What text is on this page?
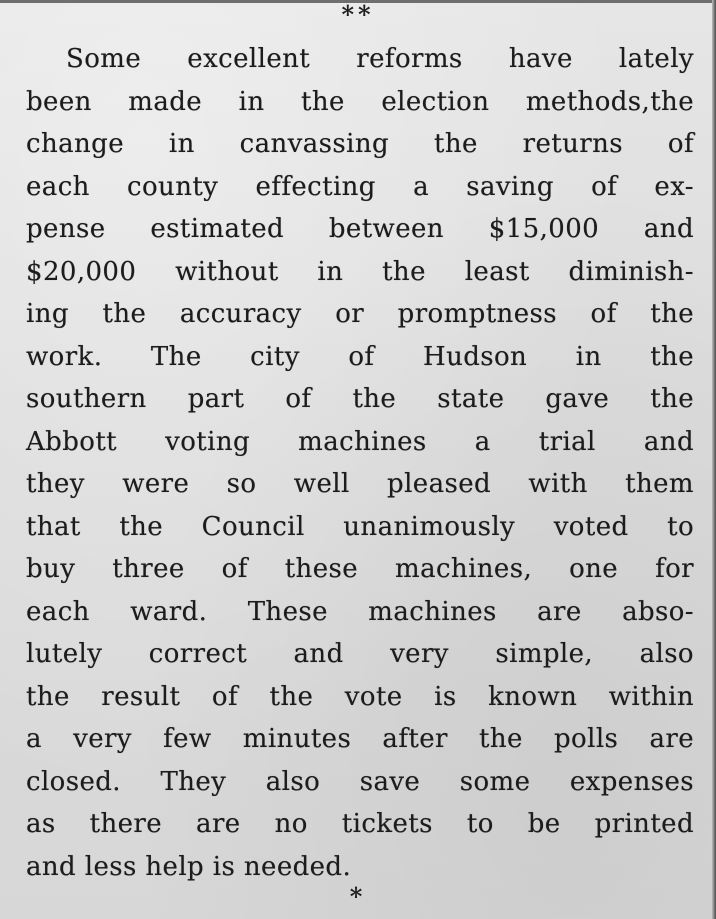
**
Some excellent reforms have lately
been made in the election methods,the
change in canvassing the returns of
each county effecting a saving of ex-
pense estimated between $15,000 and
$20,000 without in the least diminish-
ing the accuracy or promptness of the
work. The city of Hudson in the
southern part of the state gave the
Abbott voting machines a trial and
they were so well pleased with them
that the Council unanimously voted to
buy three of these machines, one for
each ward. These machines are abso-
lutely correct and very simple, also
the result of the vote is known within
a very few minutes after the polls are
closed. They also save some expenses
as there are no tickets to be printed
and less help is needed.
*
